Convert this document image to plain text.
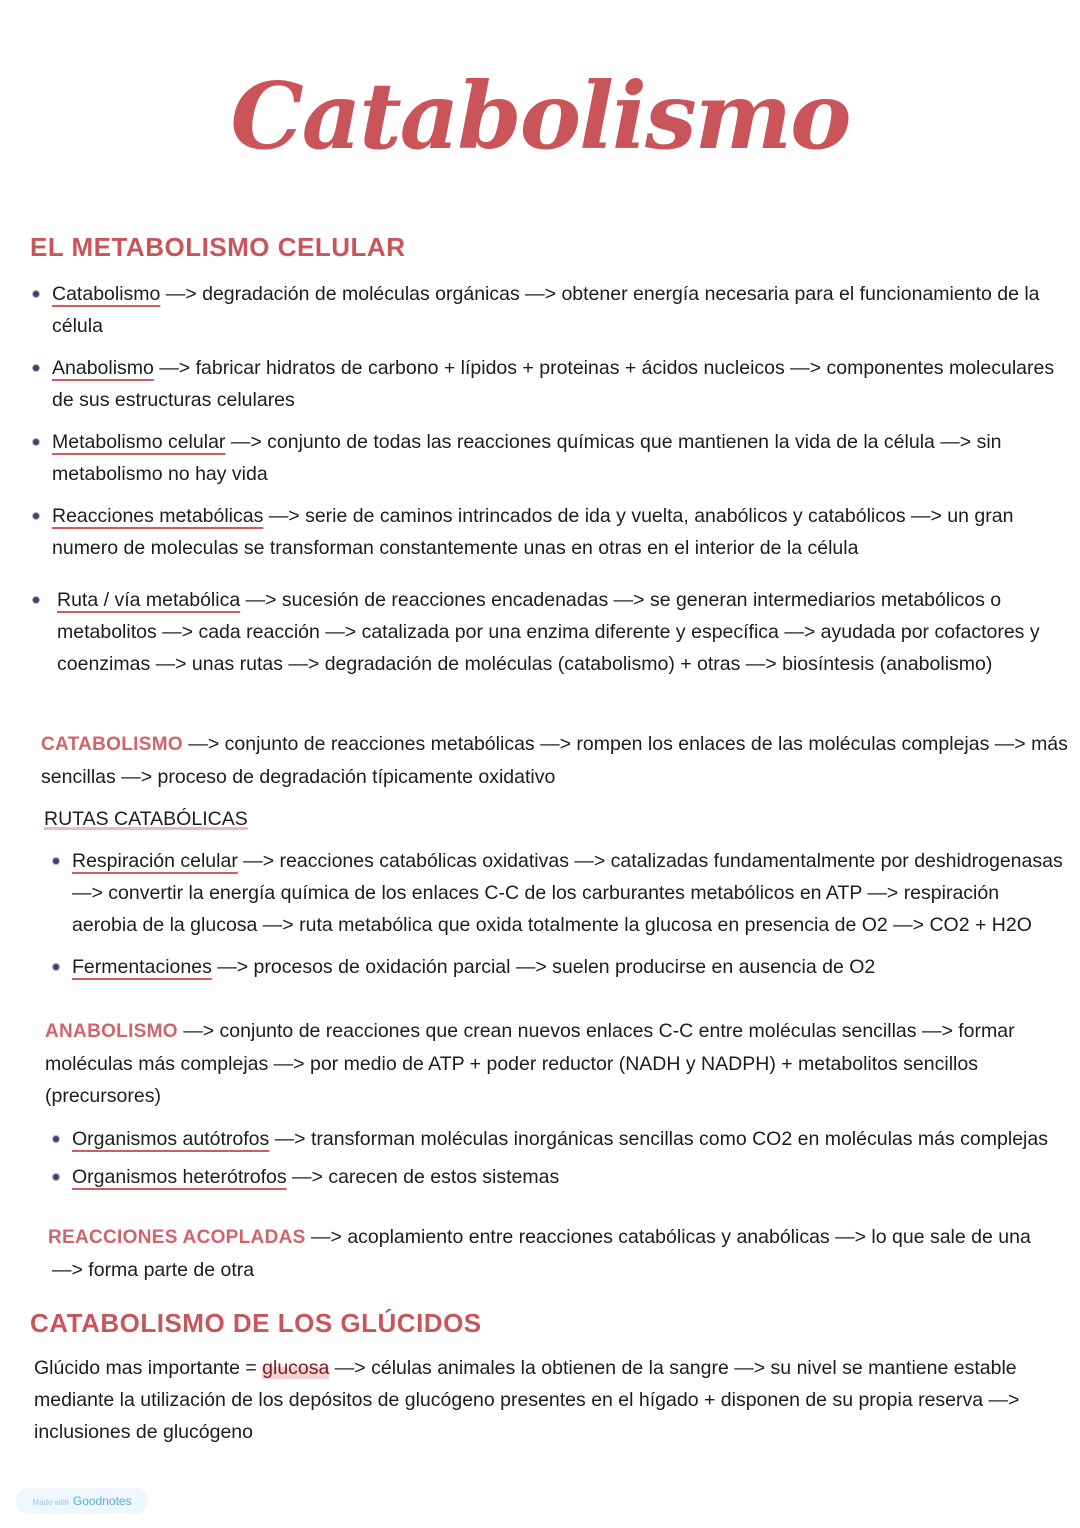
Catabolismo
EL METABOLISMO CELULAR
Catabolismo —> degradación de moléculas orgánicas —> obtener energía necesaria para el funcionamiento de la
célula
Anabolismo —> fabricar hidratos de carbono + lípidos + proteinas + ácidos nucleicos —> componentes moleculares
de sus estructuras celulares
Metabolismo celular —> conjunto de todas las reacciones químicas que mantienen la vida de la célula —> sin
metabolismo no hay vida
Reacciones metabólicas —> serie de caminos intrincados de ida y vuelta, anabólicos y catabólicos —> un gran
numero de moleculas se transforman constantemente unas en otras en el interior de la célula
Ruta / vía metabólica —> sucesión de reacciones encadenadas —> se generan intermediarios metabólicos o
metabolitos —> cada reacción —> catalizada por una enzima diferente y específica —> ayudada por cofactores y
coenzimas —> unas rutas —> degradación de moléculas (catabolismo) + otras —> biosíntesis (anabolismo)
CATABOLISMO —> conjunto de reacciones metabólicas —> rompen los enlaces de las moléculas complejas —> más
sencillas —> proceso de degradación típicamente oxidativo
RUTAS CATABÓLICAS
Respiración celular —> reacciones catabólicas oxidativas —> catalizadas fundamentalmente por deshidrogenasas
—> convertir la energía química de los enlaces C-C de los carburantes metabólicos en ATP —> respiración
aerobia de la glucosa —> ruta metabólica que oxida totalmente la glucosa en presencia de O2 —> CO2 + H2O
Fermentaciones —> procesos de oxidación parcial —> suelen producirse en ausencia de O2
ANABOLISMO —> conjunto de reacciones que crean nuevos enlaces C-C entre moléculas sencillas —> formar
moléculas más complejas —> por medio de ATP + poder reductor (NADH y NADPH) + metabolitos sencillos
(precursores)
Organismos autótrofos —> transforman moléculas inorgánicas sencillas como CO2 en moléculas más complejas
Organismos heterótrofos —> carecen de estos sistemas
REACCIONES ACOPLADAS —> acoplamiento entre reacciones catabólicas y anabólicas —> lo que sale de una
—> forma parte de otra
CATABOLISMO DE LOS GLÚCIDOS
Glúcido mas importante = glucosa —> células animales la obtienen de la sangre —> su nivel se mantiene estable
mediante la utilización de los depósitos de glucógeno presentes en el hígado + disponen de su propia reserva —>
inclusiones de glucógeno
Made with Goodnotes
